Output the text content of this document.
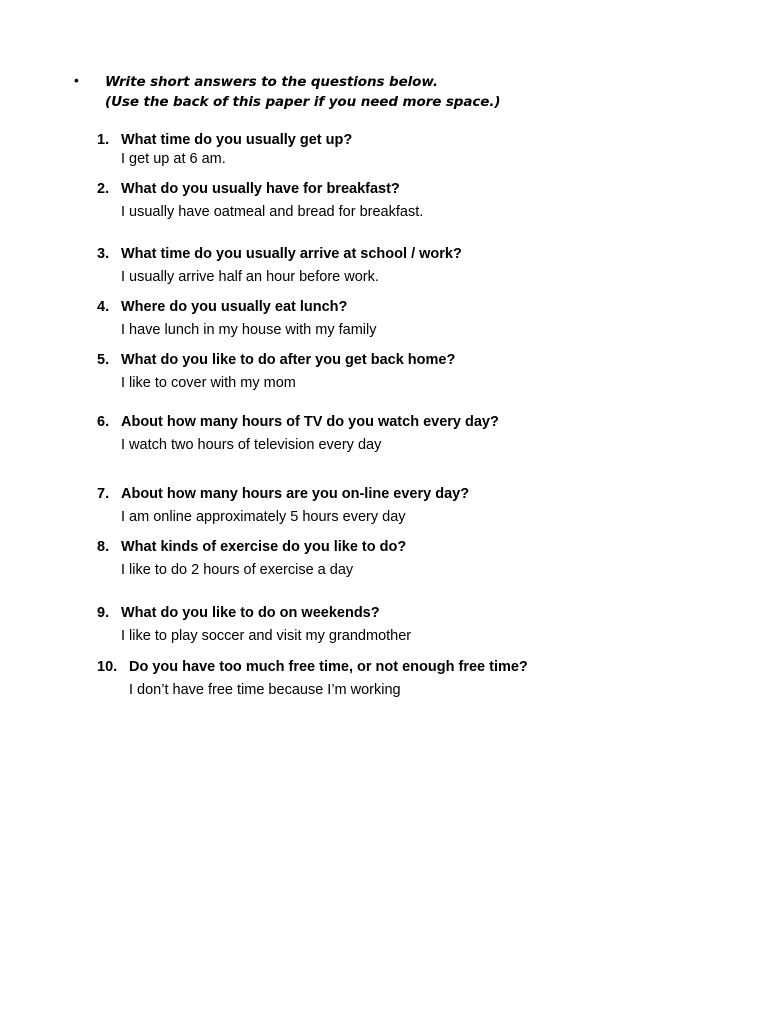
• Write short answers to the questions below.
(Use the back of this paper if you need more space.)
1. What time do you usually get up?
I get up at 6 am.
2. What do you usually have for breakfast?
I usually have oatmeal and bread for breakfast.
3. What time do you usually arrive at school / work?
I usually arrive half an hour before work.
4. Where do you usually eat lunch?
I have lunch in my house with my family
5. What do you like to do after you get back home?
I like to cover with my mom
6. About how many hours of TV do you watch every day?
I watch two hours of television every day
7. About how many hours are you on-line every day?
I am online approximately 5 hours every day
8. What kinds of exercise do you like to do?
I like to do 2 hours of exercise a day
9. What do you like to do on weekends?
I like to play soccer and visit my grandmother
10. Do you have too much free time, or not enough free time?
I don’t have free time because I’m working
